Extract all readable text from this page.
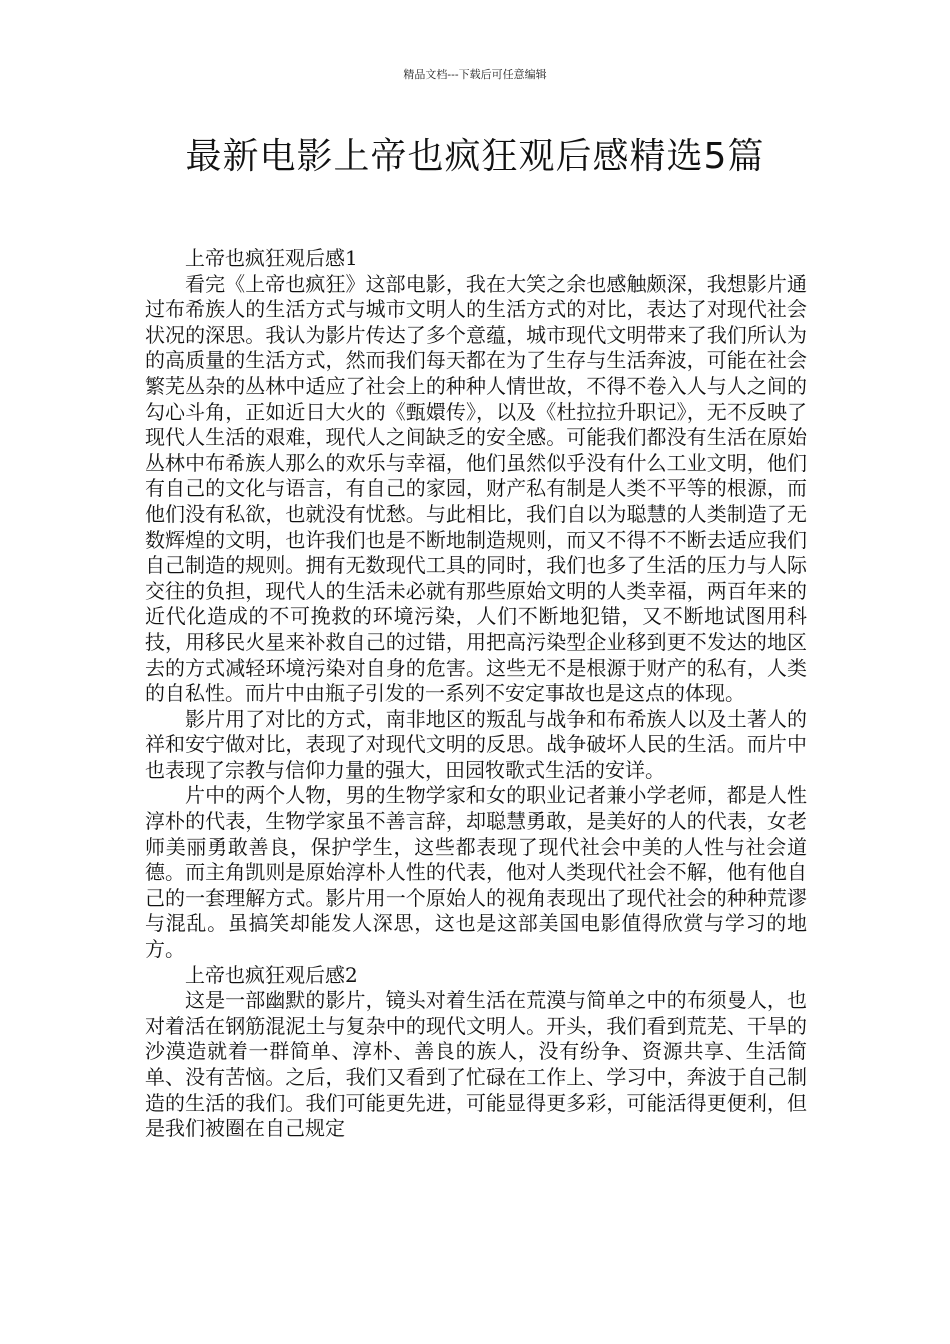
精品文档---下载后可任意编辑
最新电影上帝也疯狂观后感精选5篇

上帝也疯狂观后感1

看完《上帝也疯狂》这部电影，我在大笑之余也感触颇深，我想影片通过布希族人的生活方式与城市文明人的生活方式的对比，表达了对现代社会状况的深思。我认为影片传达了多个意蕴，城市现代文明带来了我们所认为的高质量的生活方式，然而我们每天都在为了生存与生活奔波，可能在社会繁芜丛杂的丛林中适应了社会上的种种人情世故，不得不卷入人与人之间的勾心斗角，正如近日大火的《甄嬛传》，以及《杜拉拉升职记》，无不反映了现代人生活的艰难，现代人之间缺乏的安全感。可能我们都没有生活在原始丛林中布希族人那么的欢乐与幸福，他们虽然似乎没有什么工业文明，他们有自己的文化与语言，有自己的家园，财产私有制是人类不平等的根源，而他们没有私欲，也就没有忧愁。与此相比，我们自以为聪慧的人类制造了无数辉煌的文明，也许我们也是不断地制造规则，而又不得不不断去适应我们自己制造的规则。拥有无数现代工具的同时，我们也多了生活的压力与人际交往的负担，现代人的生活未必就有那些原始文明的人类幸福，两百年来的近代化造成的不可挽救的环境污染，人们不断地犯错，又不断地试图用科技，用移民火星来补救自己的过错，用把高污染型企业移到更不发达的地区去的方式减轻环境污染对自身的危害。这些无不是根源于财产的私有，人类的自私性。而片中由瓶子引发的一系列不安定事故也是这点的体现。

影片用了对比的方式，南非地区的叛乱与战争和布希族人以及土著人的祥和安宁做对比，表现了对现代文明的反思。战争破坏人民的生活。而片中也表现了宗教与信仰力量的强大，田园牧歌式生活的安详。

片中的两个人物，男的生物学家和女的职业记者兼小学老师，都是人性淳朴的代表，生物学家虽不善言辞，却聪慧勇敢，是美好的人的代表，女老师美丽勇敢善良，保护学生，这些都表现了现代社会中美的人性与社会道德。而主角凯则是原始淳朴人性的代表，他对人类现代社会不解，他有他自己的一套理解方式。影片用一个原始人的视角表现出了现代社会的种种荒谬与混乱。虽搞笑却能发人深思，这也是这部美国电影值得欣赏与学习的地方。

上帝也疯狂观后感2

这是一部幽默的影片，镜头对着生活在荒漠与简单之中的布须曼人，也对着活在钢筋混泥土与复杂中的现代文明人。开头，我们看到荒芜、干旱的沙漠造就着一群简单、淳朴、善良的族人，没有纷争、资源共享、生活简单、没有苦恼。之后，我们又看到了忙碌在工作上、学习中，奔波于自己制造的生活的我们。我们可能更先进，可能显得更多彩，可能活得更便利，但是我们被圈在自己规定
